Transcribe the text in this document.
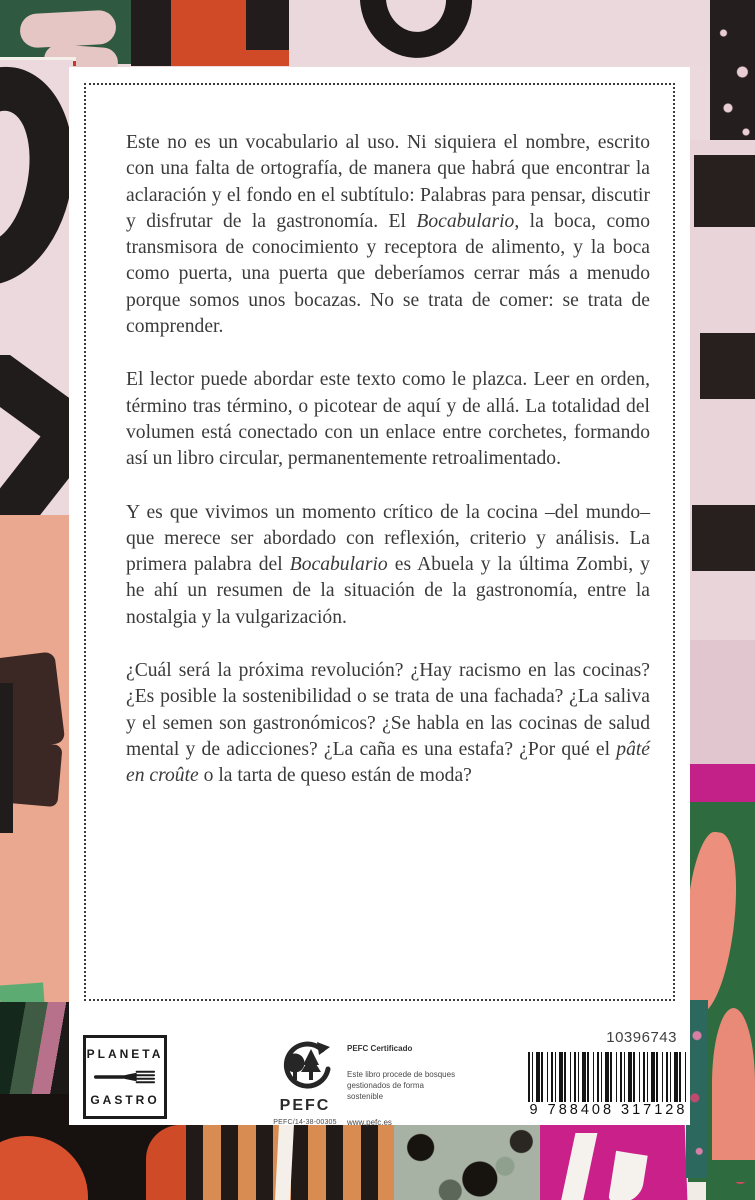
Este no es un vocabulario al uso. Ni siquiera el nombre, escrito con una falta de ortografía, de manera que habrá que encontrar la aclaración y el fondo en el subtítulo: Palabras para pensar, discutir y disfrutar de la gastronomía. El Bocabulario, la boca, como transmisora de conocimiento y receptora de alimento, y la boca como puerta, una puerta que deberíamos cerrar más a menudo porque somos unos bocazas. No se trata de comer: se trata de comprender.

El lector puede abordar este texto como le plazca. Leer en orden, término tras término, o picotear de aquí y de allá. La totalidad del volumen está conectado con un enlace entre corchetes, formando así un libro circular, permanentemente retroalimentado.

Y es que vivimos un momento crítico de la cocina –del mundo– que merece ser abordado con reflexión, criterio y análisis. La primera palabra del Bocabulario es Abuela y la última Zombi, y he ahí un resumen de la situación de la gastronomía, entre la nostalgia y la vulgarización.

¿Cuál será la próxima revolución? ¿Hay racismo en las cocinas? ¿Es posible la sostenibilidad o se trata de una fachada? ¿La saliva y el semen son gastronómicos? ¿Se habla en las cocinas de salud mental y de adicciones? ¿La caña es una estafa? ¿Por qué el pâté en croûte o la tarta de queso están de moda?

PLANETA
GASTRO	PEFC
PEFC/14-38-00305
PEFC Certificado
Este libro procede de bosques gestionados de forma sostenible
www.pefc.es
10396743
9 788408 317128
